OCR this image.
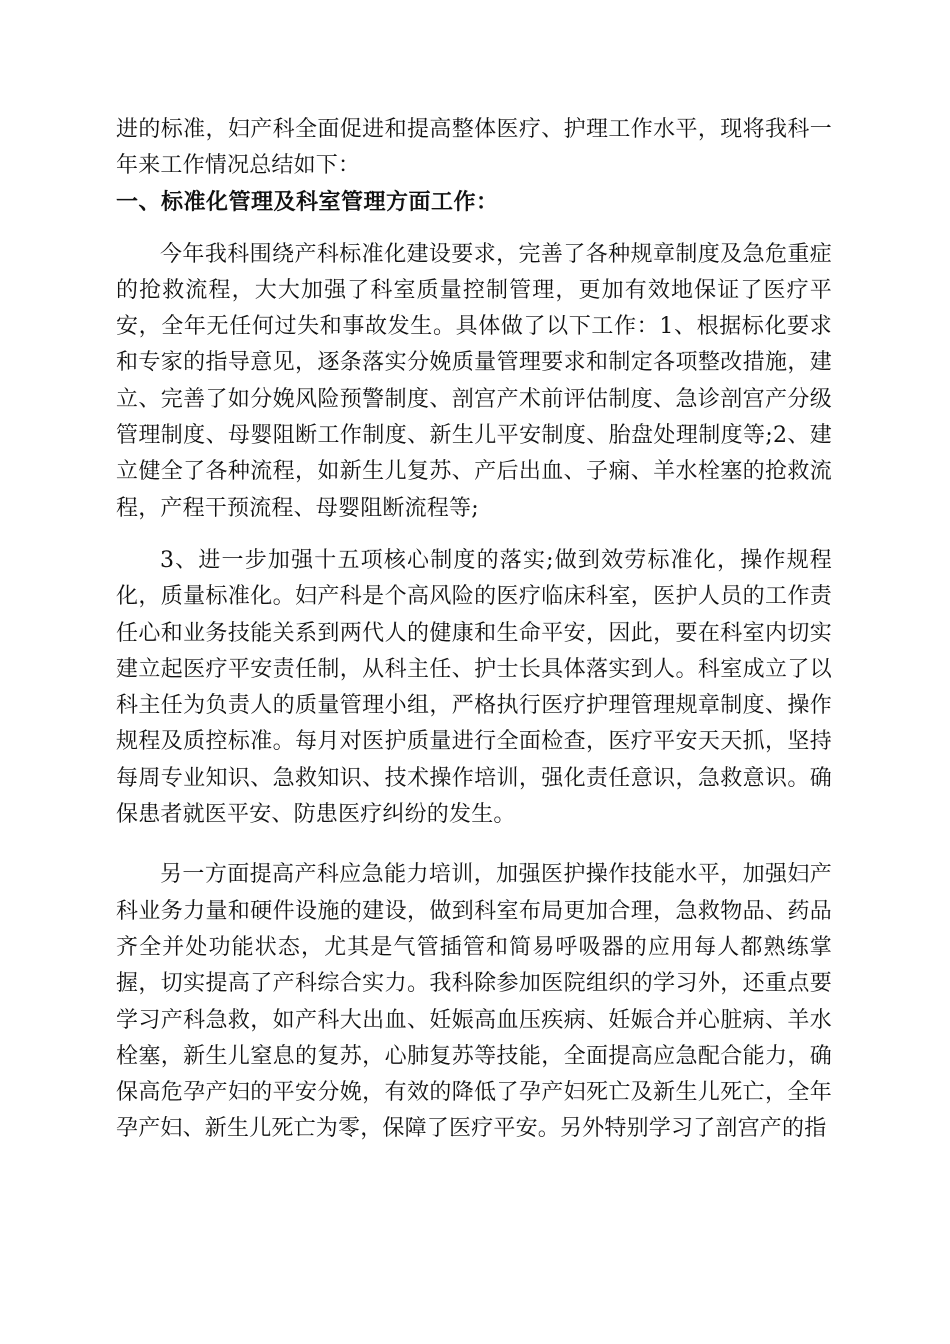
进的标准，妇产科全面促进和提高整体医疗、护理工作水平，现将我科一年来工作情况总结如下：

一、标准化管理及科室管理方面工作：

今年我科围绕产科标准化建设要求，完善了各种规章制度及急危重症的抢救流程，大大加强了科室质量控制管理，更加有效地保证了医疗平安，全年无任何过失和事故发生。具体做了以下工作：1、根据标化要求和专家的指导意见，逐条落实分娩质量管理要求和制定各项整改措施，建立、完善了如分娩风险预警制度、剖宫产术前评估制度、急诊剖宫产分级管理制度、母婴阻断工作制度、新生儿平安制度、胎盘处理制度等;2、建立健全了各种流程，如新生儿复苏、产后出血、子痫、羊水栓塞的抢救流程，产程干预流程、母婴阻断流程等;

3、进一步加强十五项核心制度的落实;做到效劳标准化，操作规程化，质量标准化。妇产科是个高风险的医疗临床科室，医护人员的工作责任心和业务技能关系到两代人的健康和生命平安，因此，要在科室内切实建立起医疗平安责任制，从科主任、护士长具体落实到人。科室成立了以科主任为负责人的质量管理小组，严格执行医疗护理管理规章制度、操作规程及质控标准。每月对医护质量进行全面检查，医疗平安天天抓，坚持每周专业知识、急救知识、技术操作培训，强化责任意识，急救意识。确保患者就医平安、防患医疗纠纷的发生。

另一方面提高产科应急能力培训，加强医护操作技能水平，加强妇产科业务力量和硬件设施的建设，做到科室布局更加合理，急救物品、药品齐全并处功能状态，尤其是气管插管和简易呼吸器的应用每人都熟练掌握，切实提高了产科综合实力。我科除参加医院组织的学习外，还重点要学习产科急救，如产科大出血、妊娠高血压疾病、妊娠合并心脏病、羊水栓塞，新生儿窒息的复苏，心肺复苏等技能，全面提高应急配合能力，确保高危孕产妇的平安分娩，有效的降低了孕产妇死亡及新生儿死亡，全年孕产妇、新生儿死亡为零，保障了医疗平安。另外特别学习了剖宫产的指
